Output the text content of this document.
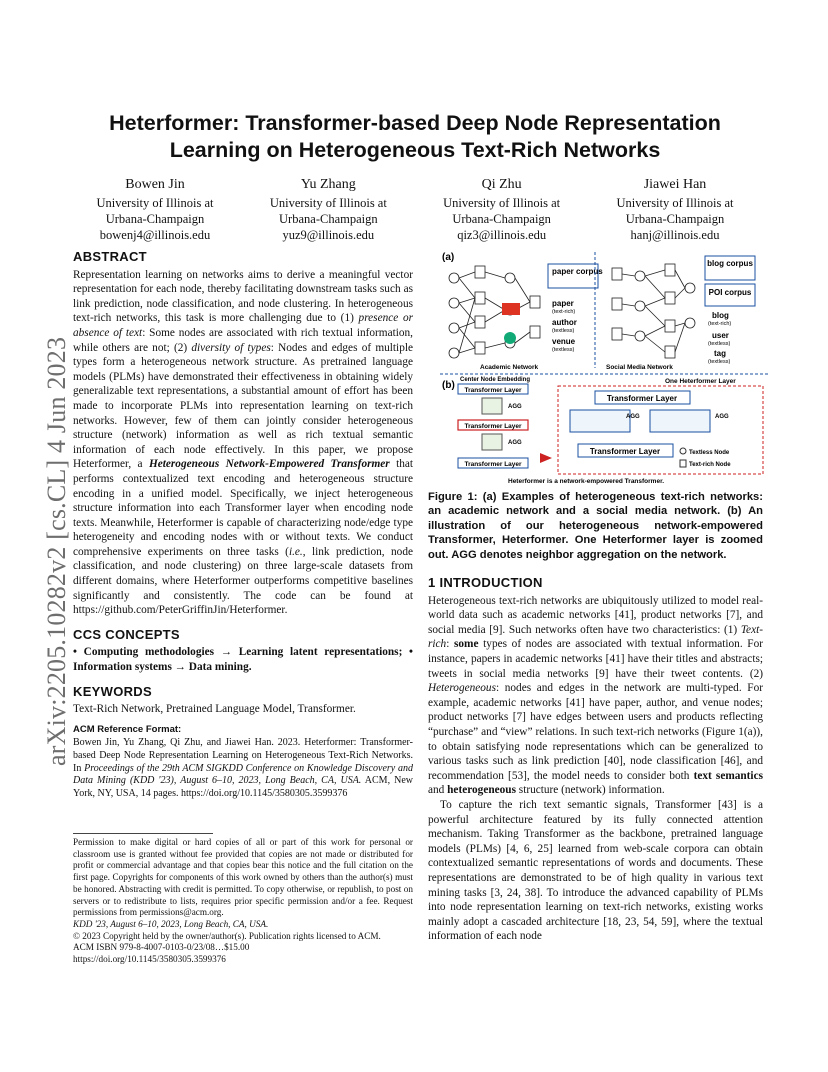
arXiv:2205.10282v2 [cs.CL] 4 Jun 2023
Heterformer: Transformer-based Deep Node Representation Learning on Heterogeneous Text-Rich Networks
Bowen Jin
University of Illinois at
Urbana-Champaign
bowenj4@illinois.edu
Yu Zhang
University of Illinois at
Urbana-Champaign
yuz9@illinois.edu
Qi Zhu
University of Illinois at
Urbana-Champaign
qiz3@illinois.edu
Jiawei Han
University of Illinois at
Urbana-Champaign
hanj@illinois.edu
ABSTRACT

Representation learning on networks aims to derive a meaningful vector representation for each node, thereby facilitating downstream tasks such as link prediction, node classification, and node clustering. In heterogeneous text-rich networks, this task is more challenging due to (1) presence or absence of text: Some nodes are associated with rich textual information, while others are not; (2) diversity of types: Nodes and edges of multiple types form a heterogeneous network structure. As pretrained language models (PLMs) have demonstrated their effectiveness in obtaining widely generalizable text representations, a substantial amount of effort has been made to incorporate PLMs into representation learning on text-rich networks. However, few of them can jointly consider heterogeneous structure (network) information as well as rich textual semantic information of each node effectively. In this paper, we propose Heterformer, a Heterogeneous Network-Empowered Transformer that performs contextualized text encoding and heterogeneous structure encoding in a unified model. Specifically, we inject heterogeneous structure information into each Transformer layer when encoding node texts. Meanwhile, Heterformer is capable of characterizing node/edge type heterogeneity and encoding nodes with or without texts. We conduct comprehensive experiments on three tasks (i.e., link prediction, node classification, and node clustering) on three large-scale datasets from different domains, where Heterformer outperforms competitive baselines significantly and consistently. The code can be found at https://github.com/PeterGriffinJin/Heterformer.

CCS CONCEPTS

• Computing methodologies → Learning latent representations; • Information systems → Data mining.

KEYWORDS

Text-Rich Network, Pretrained Language Model, Transformer.

ACM Reference Format:

Bowen Jin, Yu Zhang, Qi Zhu, and Jiawei Han. 2023. Heterformer: Transformer-based Deep Node Representation Learning on Heterogeneous Text-Rich Networks. In Proceedings of the 29th ACM SIGKDD Conference on Knowledge Discovery and Data Mining (KDD '23), August 6–10, 2023, Long Beach, CA, USA. ACM, New York, NY, USA, 14 pages. https://doi.org/10.1145/3580305.3599376

Permission to make digital or hard copies of all or part of this work for personal or classroom use is granted without fee provided that copies are not made or distributed for profit or commercial advantage and that copies bear this notice and the full citation on the first page. Copyrights for components of this work owned by others than the author(s) must be honored. Abstracting with credit is permitted. To copy otherwise, or republish, to post on servers or to redistribute to lists, requires prior specific permission and/or a fee. Request permissions from permissions@acm.org.

KDD '23, August 6–10, 2023, Long Beach, CA, USA.

© 2023 Copyright held by the owner/author(s). Publication rights licensed to ACM.

ACM ISBN 979-8-4007-0103-0/23/08…$15.00

https://doi.org/10.1145/3580305.3599376

(a)
paper corpus
paper
(text-rich)
author
(textless)
venue
(textless)
Academic Network
blog corpus
POI corpus
blog
(text-rich)
user
(textless)
tag
(textless)
Social Media Network
(b) Center Node Embedding	One Heterformer Layer
Transformer Layer
AGG
Transformer Layer
AGG
Transformer Layer
Transformer Layer
AGG	AGG
Transformer Layer	Textless Node
Text-rich Node
Heterformer is a network-empowered Transformer.

Figure 1: (a) Examples of heterogeneous text-rich networks: an academic network and a social media network. (b) An illustration of our heterogeneous network-empowered Transformer, Heterformer. One Heterformer layer is zoomed out. AGG denotes neighbor aggregation on the network.

1 INTRODUCTION

Heterogeneous text-rich networks are ubiquitously utilized to model real-world data such as academic networks [41], product networks [7], and social media [9]. Such networks often have two characteristics: (1) Text-rich: some types of nodes are associated with textual information. For instance, papers in academic networks [41] have their titles and abstracts; tweets in social media networks [9] have their tweet contents. (2) Heterogeneous: nodes and edges in the network are multi-typed. For example, academic networks [41] have paper, author, and venue nodes; product networks [7] have edges between users and products reflecting “purchase” and “view” relations. In such text-rich networks (Figure 1(a)), to obtain satisfying node representations which can be generalized to various tasks such as link prediction [40], node classification [46], and recommendation [53], the model needs to consider both text semantics and heterogeneous structure (network) information.

To capture the rich text semantic signals, Transformer [43] is a powerful architecture featured by its fully connected attention mechanism. Taking Transformer as the backbone, pretrained language models (PLMs) [4, 6, 25] learned from web-scale corpora can obtain contextualized semantic representations of words and documents. These representations are demonstrated to be of high quality in various text mining tasks [3, 24, 38]. To introduce the advanced capability of PLMs into node representation learning on text-rich networks, existing works mainly adopt a cascaded architecture [18, 23, 54, 59], where the textual information of each node
